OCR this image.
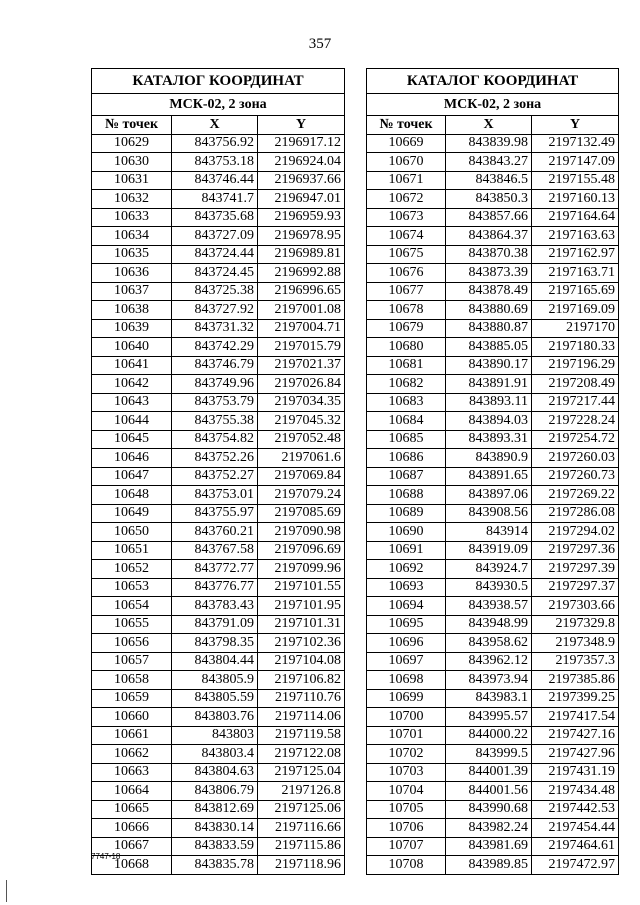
357
КАТАЛОГ КООРДИНАТ		
МСК-02, 2 зона		
№ точек	X	Y
10629	843756.92	2196917.12
10630	843753.18	2196924.04
10631	843746.44	2196937.66
10632	843741.7	2196947.01
10633	843735.68	2196959.93
10634	843727.09	2196978.95
10635	843724.44	2196989.81
10636	843724.45	2196992.88
10637	843725.38	2196996.65
10638	843727.92	2197001.08
10639	843731.32	2197004.71
10640	843742.29	2197015.79
10641	843746.79	2197021.37
10642	843749.96	2197026.84
10643	843753.79	2197034.35
10644	843755.38	2197045.32
10645	843754.82	2197052.48
10646	843752.26	2197061.6
10647	843752.27	2197069.84
10648	843753.01	2197079.24
10649	843755.97	2197085.69
10650	843760.21	2197090.98
10651	843767.58	2197096.69
10652	843772.77	2197099.96
10653	843776.77	2197101.55
10654	843783.43	2197101.95
10655	843791.09	2197101.31
10656	843798.35	2197102.36
10657	843804.44	2197104.08
10658	843805.9	2197106.82
10659	843805.59	2197110.76
10660	843803.76	2197114.06
10661	843803	2197119.58
10662	843803.4	2197122.08
10663	843804.63	2197125.04
10664	843806.79	2197126.8
10665	843812.69	2197125.06
10666	843830.14	2197116.66
10667	843833.59	2197115.86
10668	843835.78	2197118.96
КАТАЛОГ КООРДИНАТ		
МСК-02, 2 зона		
№ точек	X	Y
10669	843839.98	2197132.49
10670	843843.27	2197147.09
10671	843846.5	2197155.48
10672	843850.3	2197160.13
10673	843857.66	2197164.64
10674	843864.37	2197163.63
10675	843870.38	2197162.97
10676	843873.39	2197163.71
10677	843878.49	2197165.69
10678	843880.69	2197169.09
10679	843880.87	2197170
10680	843885.05	2197180.33
10681	843890.17	2197196.29
10682	843891.91	2197208.49
10683	843893.11	2197217.44
10684	843894.03	2197228.24
10685	843893.31	2197254.72
10686	843890.9	2197260.03
10687	843891.65	2197260.73
10688	843897.06	2197269.22
10689	843908.56	2197286.08
10690	843914	2197294.02
10691	843919.09	2197297.36
10692	843924.7	2197297.39
10693	843930.5	2197297.37
10694	843938.57	2197303.66
10695	843948.99	2197329.8
10696	843958.62	2197348.9
10697	843962.12	2197357.3
10698	843973.94	2197385.86
10699	843983.1	2197399.25
10700	843995.57	2197417.54
10701	844000.22	2197427.16
10702	843999.5	2197427.96
10703	844001.39	2197431.19
10704	844001.56	2197434.48
10705	843990.68	2197442.53
10706	843982.24	2197454.44
10707	843981.69	2197464.61
10708	843989.85	2197472.97
7747-18
